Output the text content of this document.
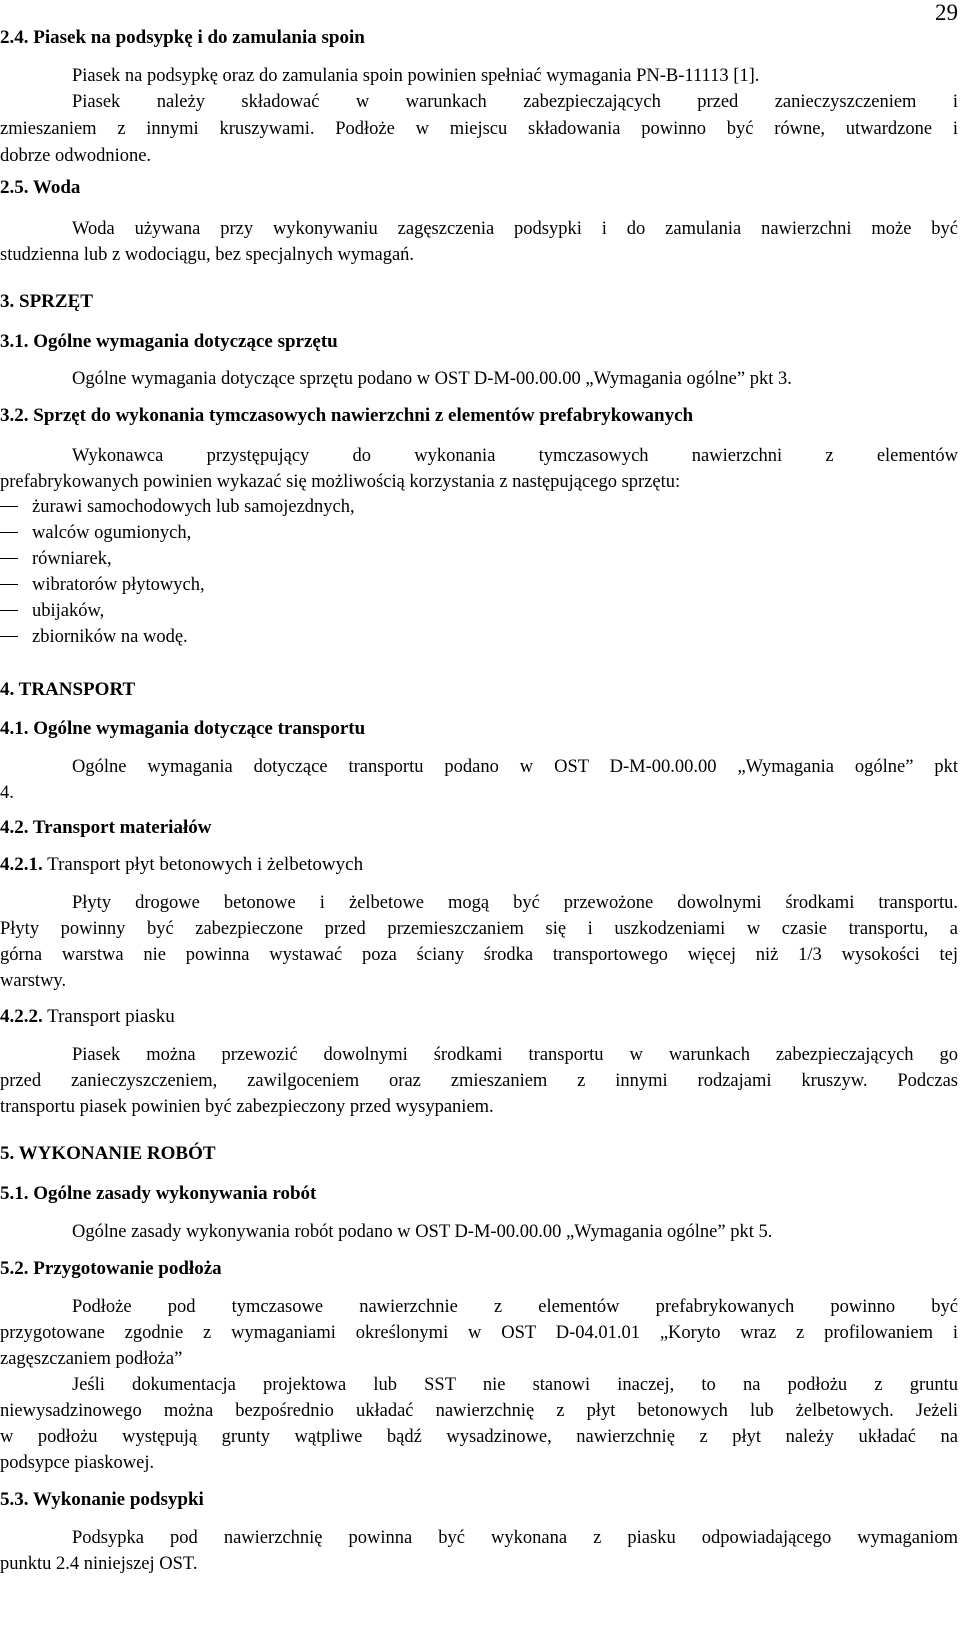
29
2.4. Piasek na podsypkę i do zamulania spoin
Piasek na podsypkę oraz do zamulania spoin powinien spełniać wymagania PN-B-11113 [1].
Piasek należy składować w warunkach zabezpieczających przed zanieczyszczeniem i
zmieszaniem z innymi kruszywami. Podłoże w miejscu składowania powinno być równe, utwardzone i
dobrze odwodnione.
2.5. Woda
Woda używana przy wykonywaniu zagęszczenia podsypki i do zamulania nawierzchni może być
studzienna lub z wodociągu, bez specjalnych wymagań.
3. SPRZĘT
3.1. Ogólne wymagania dotyczące sprzętu
Ogólne wymagania dotyczące sprzętu podano w OST D-M-00.00.00 „Wymagania ogólne” pkt 3.
3.2. Sprzęt do wykonania tymczasowych nawierzchni z elementów prefabrykowanych
Wykonawca przystępujący do wykonania tymczasowych nawierzchni z elementów
prefabrykowanych powinien wykazać się możliwością korzystania z następującego sprzętu:
żurawi samochodowych lub samojezdnych,
walców ogumionych,
równiarek,
wibratorów płytowych,
ubijaków,
zbiorników na wodę.
4. TRANSPORT
4.1. Ogólne wymagania dotyczące transportu
Ogólne wymagania dotyczące transportu podano w OST D-M-00.00.00 „Wymagania ogólne” pkt
4.
4.2. Transport materiałów
4.2.1. Transport płyt betonowych i żelbetowych
Płyty drogowe betonowe i żelbetowe mogą być przewożone dowolnymi środkami transportu.
Płyty powinny być zabezpieczone przed przemieszczaniem się i uszkodzeniami w czasie transportu, a
górna warstwa nie powinna wystawać poza ściany środka transportowego więcej niż 1/3 wysokości tej
warstwy.
4.2.2. Transport piasku
Piasek można przewozić dowolnymi środkami transportu w warunkach zabezpieczających go
przed zanieczyszczeniem, zawilgoceniem oraz zmieszaniem z innymi rodzajami kruszyw. Podczas
transportu piasek powinien być zabezpieczony przed wysypaniem.
5. WYKONANIE ROBÓT
5.1. Ogólne zasady wykonywania robót
Ogólne zasady wykonywania robót podano w OST D-M-00.00.00 „Wymagania ogólne” pkt 5.
5.2. Przygotowanie podłoża
Podłoże pod tymczasowe nawierzchnie z elementów prefabrykowanych powinno być
przygotowane zgodnie z wymaganiami określonymi w OST D-04.01.01 „Koryto wraz z profilowaniem i
zagęszczaniem podłoża”
Jeśli dokumentacja projektowa lub SST nie stanowi inaczej, to na podłożu z gruntu
niewysadzinowego można bezpośrednio układać nawierzchnię z płyt betonowych lub żelbetowych. Jeżeli
w podłożu występują grunty wątpliwe bądź wysadzinowe, nawierzchnię z płyt należy układać na
podsypce piaskowej.
5.3. Wykonanie podsypki
Podsypka pod nawierzchnię powinna być wykonana z piasku odpowiadającego wymaganiom
punktu 2.4 niniejszej OST.
